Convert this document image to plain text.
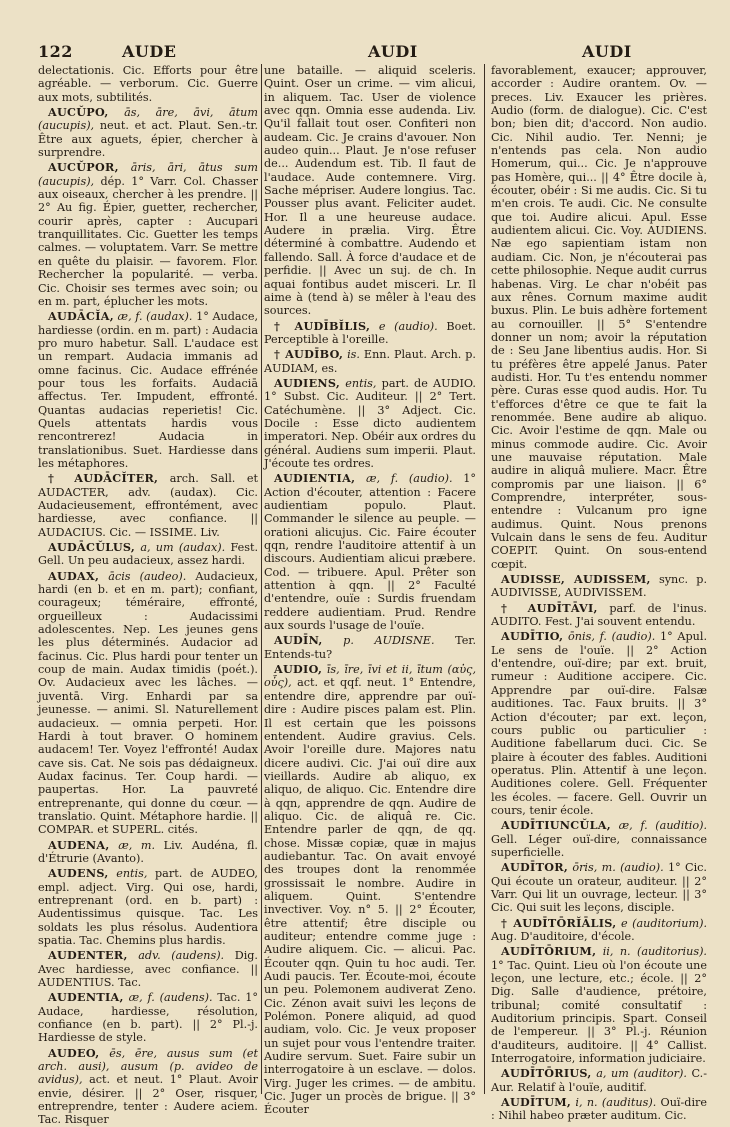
122	AUDE	AUDI	AUDI

delectationis. Cic. Efforts pour être agréable. — verborum. Cic. Guerre aux mots, subtilités.

AUCŬPO, ās, āre, āvi, ātum (aucupis), neut. et act. Plaut. Sen.-tr. Être aux aguets, épier, chercher à surprendre.

AUCŬPOR, āris, āri, ātus sum (aucupis), dép. 1° Varr. Col. Chasser aux oiseaux, chercher à les prendre. || 2° Au fig. Épier, guetter, rechercher, courir après, capter : Aucupari tranquillitates. Cic. Guetter les temps calmes. — voluptatem. Varr. Se mettre en quête du plaisir. — favorem. Flor. Rechercher la popularité. — verba. Cic. Choisir ses termes avec soin; ou en m. part, éplucher les mots.

AUDĀCĬA, æ, f. (audax). 1° Audace, hardiesse (ordin. en m. part) : Audacia pro muro habetur. Sall. L'audace est un rempart. Audacia immanis ad omne facinus. Cic. Audace effrénée pour tous les forfaits. Audaciā affectus. Ter. Impudent, effronté. Quantas audacias reperietis! Cic. Quels attentats hardis vous rencontrerez! Audacia in translationibus. Suet. Hardiesse dans les métaphores.

† AUDĀCĬTER, arch. Sall. et AUDACTER, adv. (audax). Cic. Audacieusement, effrontément, avec hardiesse, avec confiance. || AUDACIUS. Cic. — ISSIME. Liv.

AUDĀCŬLUS, a, um (audax). Fest. Gell. Un peu audacieux, assez hardi.

AUDAX, ācis (audeo). Audacieux, hardi (en b. et en m. part); confiant, courageux; téméraire, effronté, orgueilleux : Audacissimi adolescentes. Nep. Les jeunes gens les plus déterminés. Audacior ad facinus. Cic. Plus hardi pour tenter un coup de main. Audax timidis (poét.). Ov. Audacieux avec les lâches. — juventā. Virg. Enhardi par sa jeunesse. — animi. Sl. Naturellement audacieux. — omnia perpeti. Hor. Hardi à tout braver. O hominem audacem! Ter. Voyez l'effronté! Audax cave sis. Cat. Ne sois pas dédaigneux. Audax facinus. Ter. Coup hardi. — paupertas. Hor. La pauvreté entreprenante, qui donne du cœur. — translatio. Quint. Métaphore hardie. || COMPAR. et SUPERL. cités.

AUDENA, æ, m. Liv. Audéna, fl. d'Étrurie (Avanto).

AUDENS, entis, part. de AUDEO, empl. adject. Virg. Qui ose, hardi, entreprenant (ord. en b. part) : Audentissimus quisque. Tac. Les soldats les plus résolus. Audentiora spatia. Tac. Chemins plus hardis.

AUDENTER, adv. (audens). Dig. Avec hardiesse, avec confiance. || AUDENTIUS. Tac.

AUDENTIA, æ, f. (audens). Tac. 1° Audace, hardiesse, résolution, confiance (en b. part). || 2° Pl.-j. Hardiesse de style.

AUDEO, ēs, ēre, ausus sum (et arch. ausi), ausum (p. avideo de avidus), act. et neut. 1° Plaut. Avoir envie, désirer. || 2° Oser, risquer, entreprendre, tenter : Audere aciem. Tac. Risquer

une bataille. — aliquid sceleris. Quint. Oser un crime. — vim alicui, in aliquem. Tac. User de violence avec qqn. Omnia esse audenda. Liv. Qu'il fallait tout oser. Confiteri non audeam. Cic. Je crains d'avouer. Non audeo quin... Plaut. Je n'ose refuser de... Audendum est. Tib. Il faut de l'audace. Aude contemnere. Virg. Sache mépriser. Audere longius. Tac. Pousser plus avant. Feliciter audet. Hor. Il a une heureuse audace. Audere in prælia. Virg. Être déterminé à combattre. Audendo et fallendo. Sall. À force d'audace et de perfidie. || Avec un suj. de ch. In aquai fontibus audet misceri. Lr. Il aime à (tend à) se mêler à l'eau des sources.

† AUDĪBĬLIS, e (audio). Boet. Perceptible à l'oreille.

† AUDĪBO, is. Enn. Plaut. Arch. p. AUDIAM, es.

AUDIENS, entis, part. de AUDIO. 1° Subst. Cic. Auditeur. || 2° Tert. Catéchumène. || 3° Adject. Cic. Docile : Esse dicto audientem imperatori. Nep. Obéir aux ordres du général. Audiens sum imperii. Plaut. J'écoute tes ordres.

AUDIENTIA, æ, f. (audio). 1° Action d'écouter, attention : Facere audientiam populo. Plaut. Commander le silence au peuple. — orationi alicujus. Cic. Faire écouter qqn, rendre l'auditoire attentif à un discours. Audientiam alicui præbere. Cod. — tribuere. Apul. Prêter son attention à qqn. || 2° Faculté d'entendre, ouïe : Surdis fruendam reddere audientiam. Prud. Rendre aux sourds l'usage de l'ouïe.

AUDĪN, p. AUDISNE. Ter. Entends-tu?

AUDIO, īs, īre, īvi et ii, ītum (αὐς, οὖς), act. et qqf. neut. 1° Entendre, entendre dire, apprendre par ouï-dire : Audire pisces palam est. Plin. Il est certain que les poissons entendent. Audire gravius. Cels. Avoir l'oreille dure. Majores natu dicere audivi. Cic. J'ai ouï dire aux vieillards. Audire ab aliquo, ex aliquo, de aliquo. Cic. Entendre dire à qqn, apprendre de qqn. Audire de aliquo. Cic. de aliquâ re. Cic. Entendre parler de qqn, de qq. chose. Missæ copiæ, quæ in majus audiebantur. Tac. On avait envoyé des troupes dont la renommée grossissait le nombre. Audire in aliquem. Quint. S'entendre invectiver. Voy. n° 5. || 2° Écouter, être attentif; être disciple ou auditeur; entendre comme juge : Audire aliquem. Cic. — alicui. Pac. Écouter qqn. Quin tu hoc audi. Ter. Audi paucis. Ter. Écoute-moi, écoute un peu. Polemonem audiverat Zeno. Cic. Zénon avait suivi les leçons de Polémon. Ponere aliquid, ad quod audiam, volo. Cic. Je veux proposer un sujet pour vous l'entendre traiter. Audire servum. Suet. Faire subir un interrogatoire à un esclave. — dolos. Virg. Juger les crimes. — de ambitu. Cic. Juger un procès de brigue. || 3° Écouter

favorablement, exaucer; approuver, accorder : Audire orantem. Ov. — preces. Liv. Exaucer les prières. Audio (form. de dialogue). Cic. C'est bon; bien dit; d'accord. Non audio. Cic. Nihil audio. Ter. Nenni; je n'entends pas cela. Non audio Homerum, qui... Cic. Je n'approuve pas Homère, qui... || 4° Être docile à, écouter, obéir : Si me audis. Cic. Si tu m'en crois. Te audi. Cic. Ne consulte que toi. Audire alicui. Apul. Esse audientem alicui. Cic. Voy. AUDIENS. Næ ego sapientiam istam non audiam. Cic. Non, je n'écouterai pas cette philosophie. Neque audit currus habenas. Virg. Le char n'obéit pas aux rênes. Cornum maxime audit buxus. Plin. Le buis adhère fortement au cornouiller. || 5° S'entendre donner un nom; avoir la réputation de : Seu Jane libentius audis. Hor. Si tu préfères être appelé Janus. Pater audisti. Hor. Tu t'es entendu nommer père. Curas esse quod audis. Hor. Tu t'efforces d'être ce que te fait la renommée. Bene audire ab aliquo. Cic. Avoir l'estime de qqn. Male ou minus commode audire. Cic. Avoir une mauvaise réputation. Male audire in aliquâ muliere. Macr. Être compromis par une liaison. || 6° Comprendre, interpréter, sous-entendre : Vulcanum pro igne audimus. Quint. Nous prenons Vulcain dans le sens de feu. Auditur COEPIT. Quint. On sous-entend cœpit.

AUDISSE, AUDISSEM, sync. p. AUDIVISSE, AUDIVISSEM.

† AUDĪTĀVI, parf. de l'inus. AUDITO. Fest. J'ai souvent entendu.

AUDĪTIO, ōnis, f. (audio). 1° Apul. Le sens de l'ouïe. || 2° Action d'entendre, ouï-dire; par ext. bruit, rumeur : Auditione accipere. Cic. Apprendre par ouï-dire. Falsæ auditiones. Tac. Faux bruits. || 3° Action d'écouter; par ext. leçon, cours public ou particulier : Auditione fabellarum duci. Cic. Se plaire à écouter des fables. Auditioni operatus. Plin. Attentif à une leçon. Auditiones colere. Gell. Fréquenter les écoles. — facere. Gell. Ouvrir un cours, tenir école.

AUDĪTIUNCŬLA, æ, f. (auditio). Gell. Léger ouï-dire, connaissance superficielle.

AUDĪTOR, ōris, m. (audio). 1° Cic. Qui écoute un orateur, auditeur. || 2° Varr. Qui lit un ouvrage, lecteur. || 3° Cic. Qui suit les leçons, disciple.

† AUDĪTŌRĬĀLIS, e (auditorium). Aug. D'auditoire, d'école.

AUDĪTŌRIUM, ii, n. (auditorius). 1° Tac. Quint. Lieu où l'on écoute une leçon, une lecture, etc.; école. || 2° Dig. Salle d'audience, prétoire, tribunal; comité consultatif : Auditorium principis. Spart. Conseil de l'empereur. || 3° Pl.-j. Réunion d'auditeurs, auditoire. || 4° Callist. Interrogatoire, information judiciaire.

AUDĪTŌRIUS, a, um (auditor). C.-Aur. Relatif à l'ouïe, auditif.

AUDĪTUM, i, n. (auditus). Ouï-dire : Nihil habeo præter auditum. Cic.
